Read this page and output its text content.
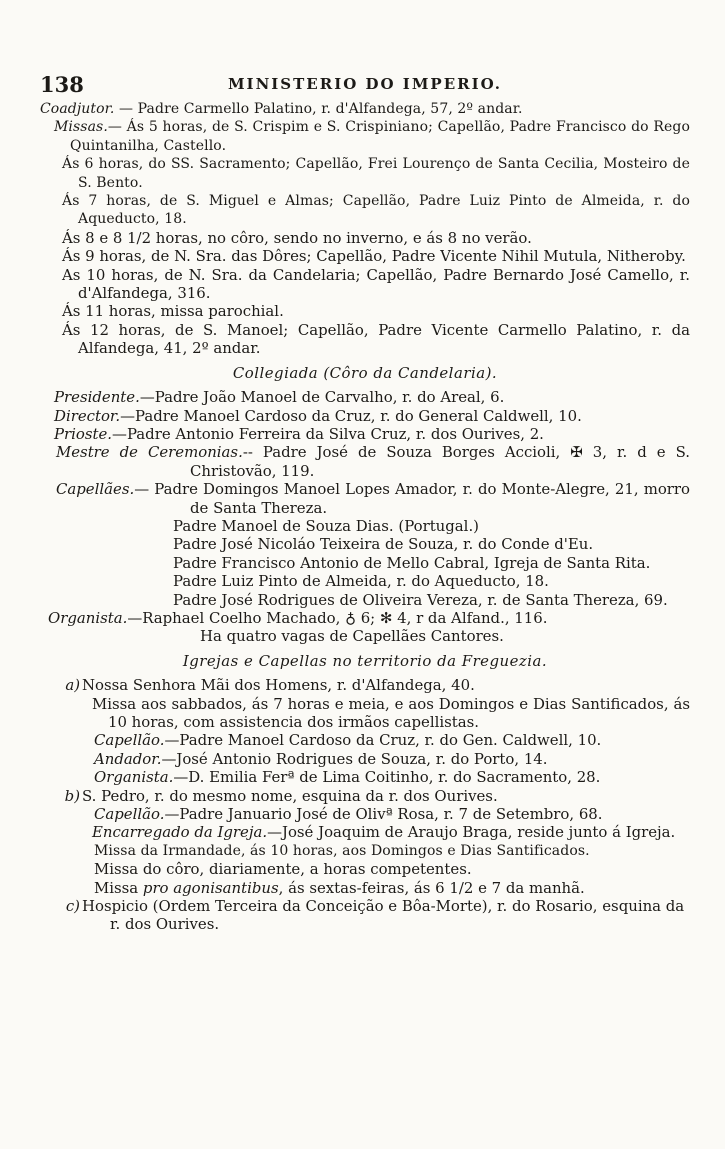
138	MINISTERIO DO IMPERIO.

Coadjutor. — Padre Carmello Palatino, r. d'Alfandega, 57, 2º andar.

Missas.— Ás 5 horas, de S. Crispim e S. Crispiniano; Capellão, Padre Francisco do Rego Quintanilha, Castello.

Ás 6 horas, do SS. Sacramento; Capellão, Frei Lourenço de Santa Cecilia, Mosteiro de S. Bento.

Ás 7 horas, de S. Miguel e Almas; Capellão, Padre Luiz Pinto de Almeida, r. do Aqueducto, 18.

Ás 8 e 8 1/2 horas, no côro, sendo no inverno, e ás 8 no verão.

Ás 9 horas, de N. Sra. das Dôres; Capellão, Padre Vicente Nihil Mutula, Nitheroby.

As 10 horas, de N. Sra. da Candelaria; Capellão, Padre Bernardo José Camello, r. d'Alfandega, 316.

Ás 11 horas, missa parochial.

Ás 12 horas, de S. Manoel; Capellão, Padre Vicente Carmello Palatino, r. da Alfandega, 41, 2º andar.

Collegiada (Côro da Candelaria).

Presidente.—Padre João Manoel de Carvalho, r. do Areal, 6.

Director.—Padre Manoel Cardoso da Cruz, r. do General Caldwell, 10.

Prioste.—Padre Antonio Ferreira da Silva Cruz, r. dos Ourives, 2.

Mestre de Ceremonias.-- Padre José de Souza Borges Accioli, ✠ 3, r. d e S. Christovão, 119.

Capellães.— Padre Domingos Manoel Lopes Amador, r. do Monte-Alegre, 21, morro de Santa Thereza.

Padre Manoel de Souza Dias. (Portugal.)

Padre José Nicoláo Teixeira de Souza, r. do Conde d'Eu.

Padre Francisco Antonio de Mello Cabral, Igreja de Santa Rita.

Padre Luiz Pinto de Almeida, r. do Aqueducto, 18.

Padre José Rodrigues de Oliveira Vereza, r. de Santa Thereza, 69.

Organista.—Raphael Coelho Machado, ♁ 6; ✻ 4, r da Alfand., 116.

Ha quatro vagas de Capellães Cantores.

Igrejas e Capellas no territorio da Freguezia.

a) Nossa Senhora Mãi dos Homens, r. d'Alfandega, 40.

Missa aos sabbados, ás 7 horas e meia, e aos Domingos e Dias Santificados, ás 10 horas, com assistencia dos irmãos capellistas.

Capellão.—Padre Manoel Cardoso da Cruz, r. do Gen. Caldwell, 10.

Andador.—José Antonio Rodrigues de Souza, r. do Porto, 14.

Organista.—D. Emilia Ferª de Lima Coitinho, r. do Sacramento, 28.

b) S. Pedro, r. do mesmo nome, esquina da r. dos Ourives.

Capellão.—Padre Januario José de Olivª Rosa, r. 7 de Setembro, 68.

Encarregado da Igreja.—José Joaquim de Araujo Braga, reside junto á Igreja.

Missa da Irmandade, ás 10 horas, aos Domingos e Dias Santificados.

Missa do côro, diariamente, a horas competentes.

Missa pro agonisantibus, ás sextas-feiras, ás 6 1/2 e 7 da manhã.

c) Hospicio (Ordem Terceira da Conceição e Bôa-Morte), r. do Rosario, esquina da r. dos Ourives.
